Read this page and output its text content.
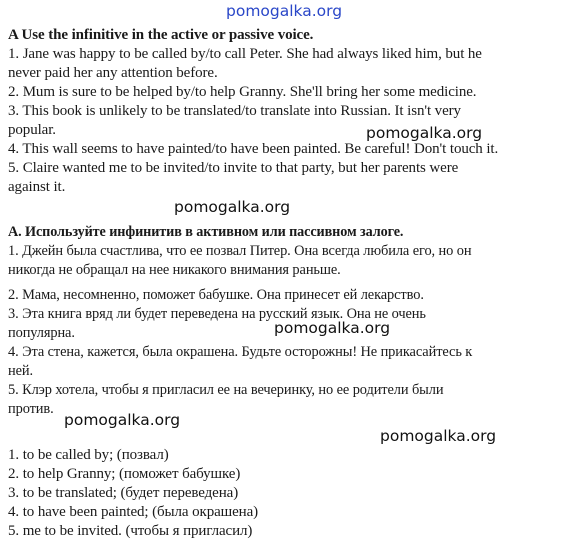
pomogalka.org
pomogalka.org
pomogalka.org
pomogalka.org
pomogalka.org
pomogalka.org
A Use the infinitive in the active or passive voice.
1. Jane was happy to be called by/to call Peter. She had always liked him, but he
never paid her any attention before.
2. Mum is sure to be helped by/to help Granny. She'll bring her some medicine.
3. This book is unlikely to be translated/to translate into Russian. It isn't very
popular.
4. This wall seems to have painted/to have been painted. Be careful! Don't touch it.
5. Claire wanted me to be invited/to invite to that party, but her parents were
against it.
А. Используйте инфинитив в активном или пассивном залоге.
1. Джейн была счастлива, что ее позвал Питер. Она всегда любила его, но он
никогда не обращал на нее никакого внимания раньше.
2. Мама, несомненно, поможет бабушке. Она принесет ей лекарство.
3. Эта книга вряд ли будет переведена на русский язык. Она не очень
популярна.
4. Эта стена, кажется, была окрашена. Будьте осторожны! Не прикасайтесь к
ней.
5. Клэр хотела, чтобы я пригласил ее на вечеринку, но ее родители были
против.
1. to be called by; (позвал)
2. to help Granny; (поможет бабушке)
3. to be translated; (будет переведена)
4. to have been painted; (была окрашена)
5. me to be invited. (чтобы я пригласил)
